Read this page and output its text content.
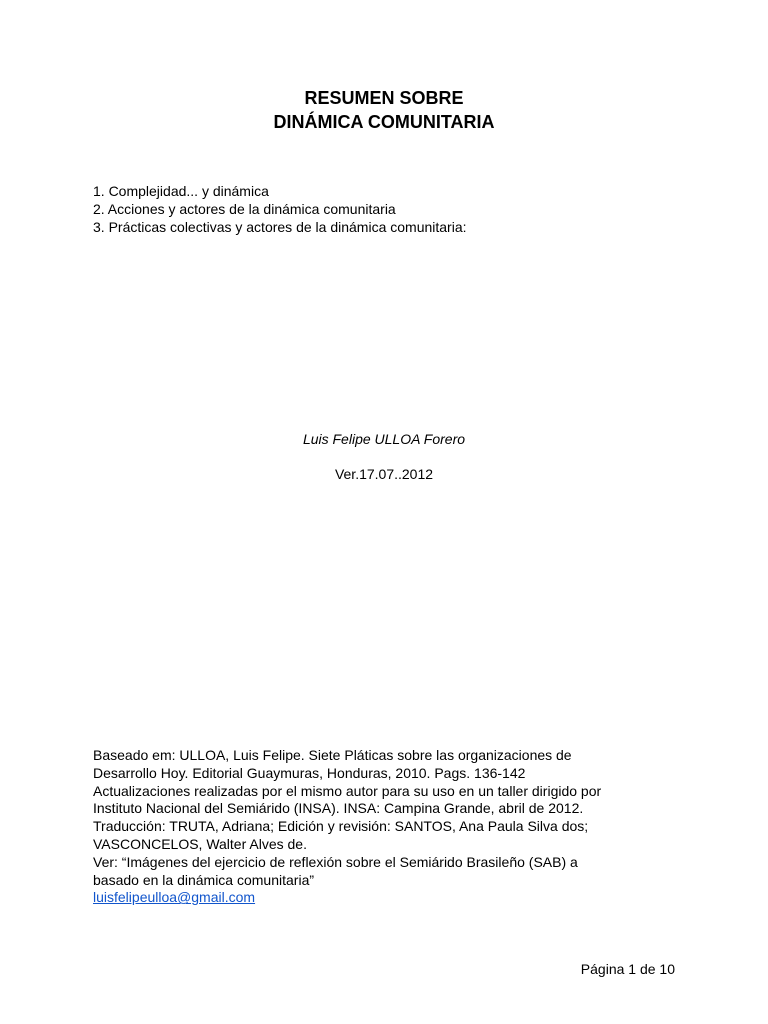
RESUMEN SOBRE
DINÁMICA COMUNITARIA
1. Complejidad... y dinámica
2. Acciones y actores de la dinámica comunitaria
3. Prácticas colectivas y actores de la dinámica comunitaria:
Luis Felipe ULLOA Forero
Ver.17.07..2012
Baseado em: ULLOA, Luis Felipe. Siete Pláticas sobre las organizaciones de
Desarrollo Hoy. Editorial Guaymuras, Honduras, 2010. Pags. 136-142
Actualizaciones realizadas por el mismo autor para su uso en un taller dirigido por
Instituto Nacional del Semiárido (INSA). INSA: Campina Grande, abril de 2012.
Traducción: TRUTA, Adriana; Edición y revisión: SANTOS, Ana Paula Silva dos;
VASCONCELOS, Walter Alves de.
Ver: “Imágenes del ejercicio de reflexión sobre el Semiárido Brasileño (SAB) a
basado en la dinámica comunitaria”
luisfelipeulloa@gmail.com
Página 1 de 10
